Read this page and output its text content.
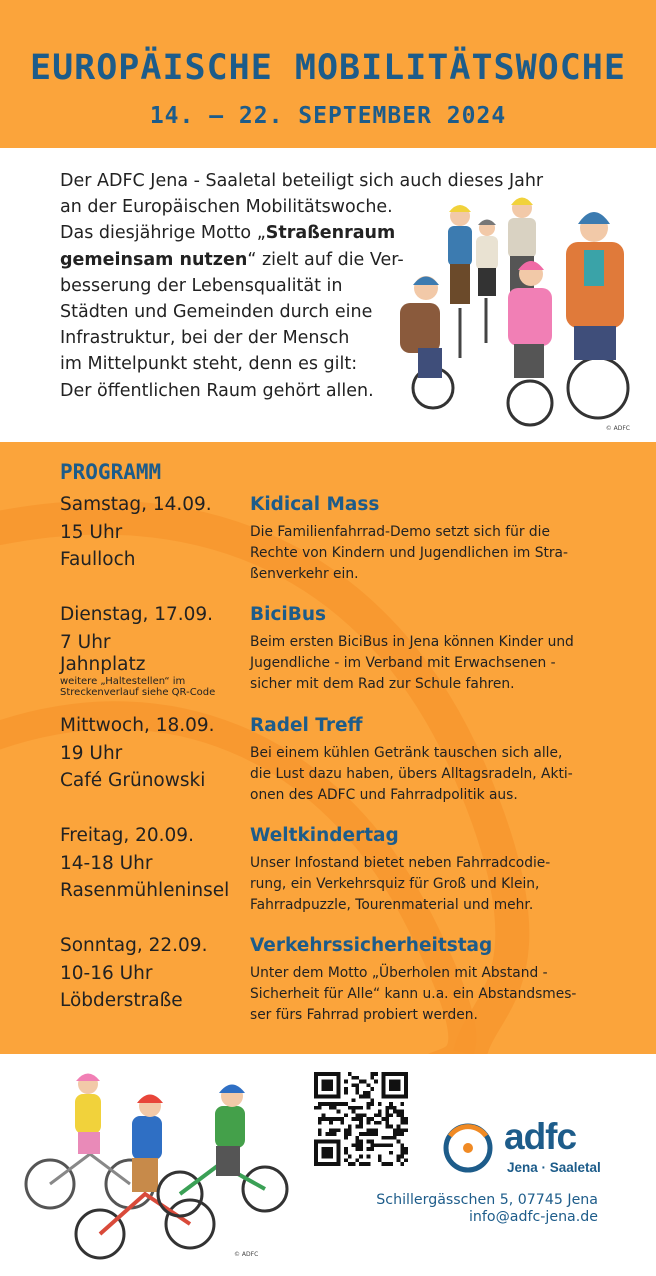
EUROPÄISCHE MOBILITÄTSWOCHE
14. – 22. SEPTEMBER 2024
Der ADFC Jena - Saaletal beteiligt sich auch dieses Jahr
an der Europäischen Mobilitätswoche.
Das diesjährige Motto „Straßenraum
gemeinsam nutzen“ zielt auf die Ver-
besserung der Lebensqualität in
Städten und Gemeinden durch eine
Infrastruktur, bei der der Mensch
im Mittelpunkt steht, denn es gilt:
Der öffentlichen Raum gehört allen.
© ADFC
PROGRAMM
Samstag, 14.09.
15 Uhr
Faulloch
Kidical Mass
Die Familienfahrrad-Demo setzt sich für die
Rechte von Kindern und Jugendlichen im Stra-
ßenverkehr ein.
Dienstag, 17.09.
7 Uhr
Jahnplatz
weitere „Haltestellen“ im
Streckenverlauf siehe QR-Code
BiciBus
Beim ersten BiciBus in Jena können Kinder und
Jugendliche - im Verband mit Erwachsenen -
sicher mit dem Rad zur Schule fahren.
Mittwoch, 18.09.
19 Uhr
Café Grünowski
Radel Treff
Bei einem kühlen Getränk tauschen sich alle,
die Lust dazu haben, übers Alltagsradeln, Akti-
onen des ADFC und Fahrradpolitik aus.
Freitag, 20.09.
14-18 Uhr
Rasenmühleninsel
Weltkindertag
Unser Infostand bietet neben Fahrradcodie-
rung, ein Verkehrsquiz für Groß und Klein,
Fahrradpuzzle, Tourenmaterial und mehr.
Sonntag, 22.09.
10-16 Uhr
Löbderstraße
Verkehrssicherheitstag
Unter dem Motto „Überholen mit Abstand -
Sicherheit für Alle“ kann u.a. ein Abstandsmes-
ser fürs Fahrrad probiert werden.
© ADFC
adfc
Jena · Saaletal
Schillergässchen 5, 07745 Jena
info@adfc-jena.de
